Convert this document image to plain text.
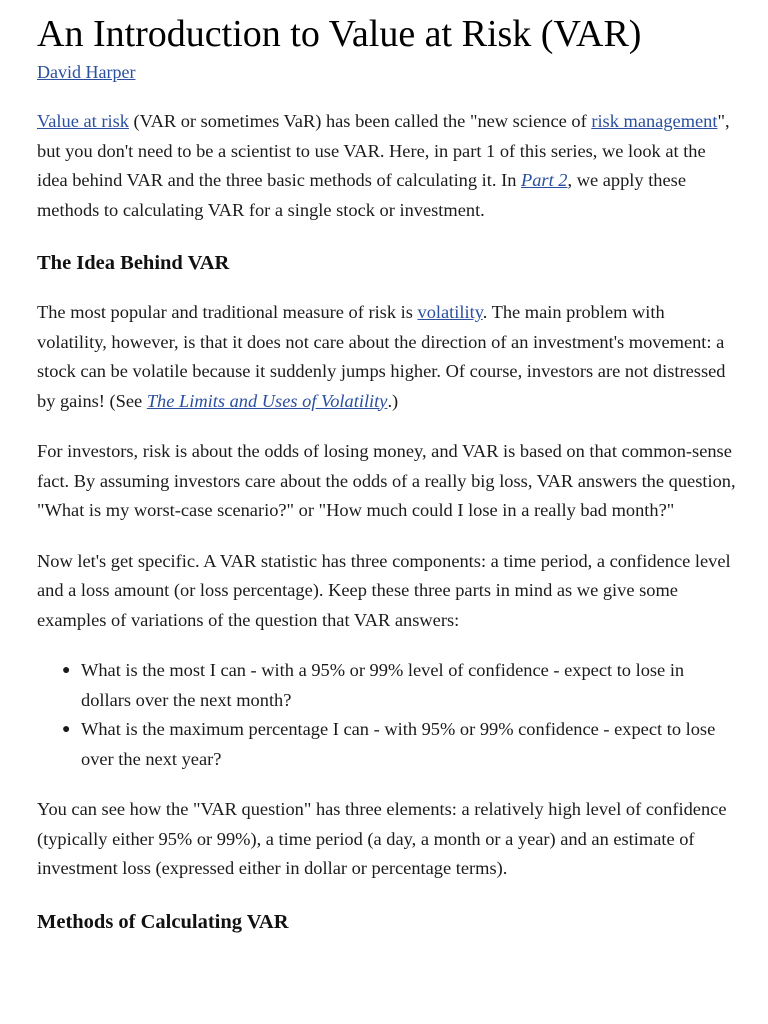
An Introduction to Value at Risk (VAR)
David Harper

Value at risk (VAR or sometimes VaR) has been called the "new science of risk management", but you don't need to be a scientist to use VAR. Here, in part 1 of this series, we look at the idea behind VAR and the three basic methods of calculating it. In Part 2, we apply these methods to calculating VAR for a single stock or investment.

The Idea Behind VAR

The most popular and traditional measure of risk is volatility. The main problem with volatility, however, is that it does not care about the direction of an investment's movement: a stock can be volatile because it suddenly jumps higher. Of course, investors are not distressed by gains! (See The Limits and Uses of Volatility.)

For investors, risk is about the odds of losing money, and VAR is based on that common-sense fact. By assuming investors care about the odds of a really big loss, VAR answers the question, "What is my worst-case scenario?" or "How much could I lose in a really bad month?"

Now let's get specific. A VAR statistic has three components: a time period, a confidence level and a loss amount (or loss percentage). Keep these three parts in mind as we give some examples of variations of the question that VAR answers:

● What is the most I can - with a 95% or 99% level of confidence - expect to lose in dollars over the next month?
● What is the maximum percentage I can - with 95% or 99% confidence - expect to lose over the next year?

You can see how the "VAR question" has three elements: a relatively high level of confidence (typically either 95% or 99%), a time period (a day, a month or a year) and an estimate of investment loss (expressed either in dollar or percentage terms).

Methods of Calculating VAR
